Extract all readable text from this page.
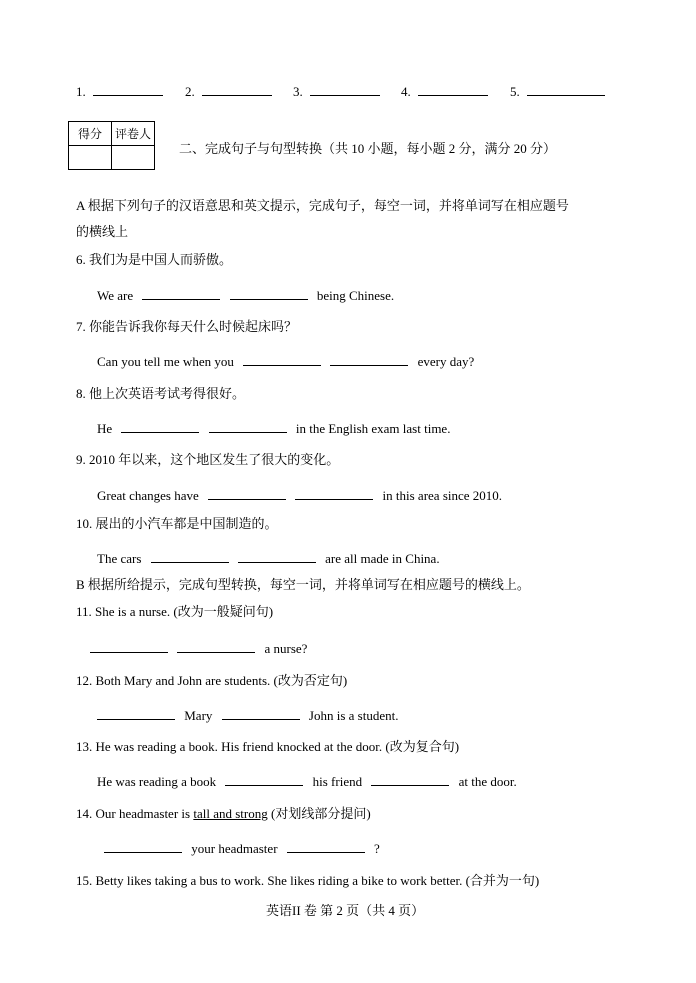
1.	2.	3.	4.	5.
得分	评卷人

二、完成句子与句型转换（共 10 小题，每小题 2 分，满分 20 分）
A 根据下列句子的汉语意思和英文提示，完成句子，每空一词，并将单词写在相应题号
的横线上
6. 我们为是中国人而骄傲。
We are	being Chinese.
7. 你能告诉我你每天什么时候起床吗？
Can you tell me when you	every day?
8. 他上次英语考试考得很好。
He	in the English exam last time.
9. 2010 年以来，这个地区发生了很大的变化。
Great changes have	in this area since 2010.
10. 展出的小汽车都是中国制造的。
The cars	are all made in China.
B 根据所给提示，完成句型转换，每空一词，并将单词写在相应题号的横线上。
11. She is a nurse. (改为一般疑问句)
a nurse?
12. Both Mary and John are students. (改为否定句)
Mary	John is a student.
13. He was reading a book. His friend knocked at the door. (改为复合句)
He was reading a book	his friend	at the door.
14. Our headmaster is tall and strong (对划线部分提问)
your headmaster	?
15. Betty likes taking a bus to work. She likes riding a bike to work better. (合并为一句)
英语II 卷 第 2 页（共 4 页）
